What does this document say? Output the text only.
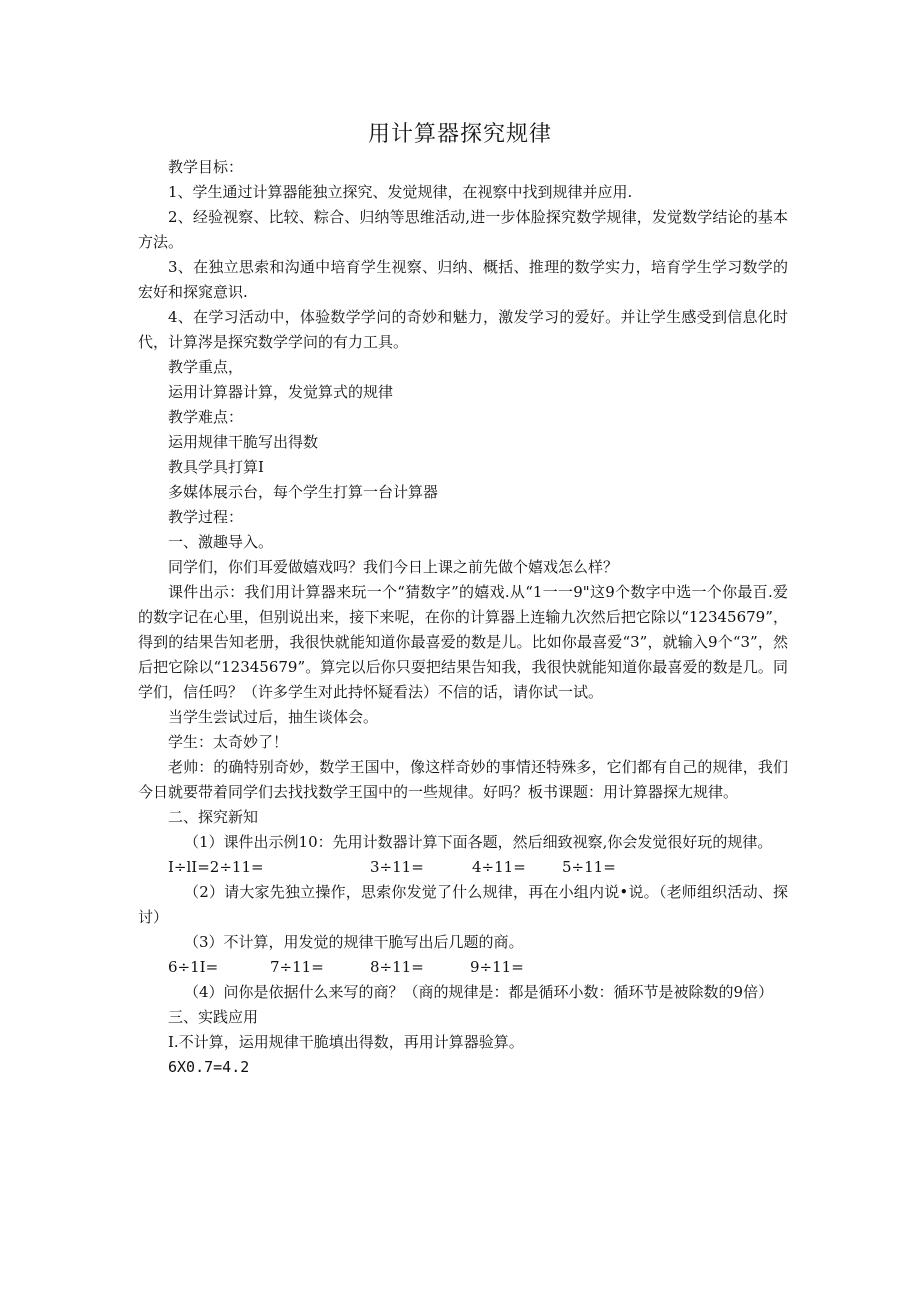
用计算器探究规律

教学目标：

1、学生通过计算器能独立探究、发觉规律，在视察中找到规律并应用.

2、经验视察、比较、粽合、归纳等思维活动,进一步体脸探究数学规律，发觉数学结论的基本方法。

3、在独立思索和沟通中培育学生视察、归纳、概括、推理的数学实力，培育学生学习数学的宏好和探窕意识.

4、在学习活动中，体验数学学问的奇妙和魅力，激发学习的爱好。并让学生感受到信息化时代，计算涔是探究数学学问的有力工具。

教学重点，

运用计算器计算，发觉算式的规律

教学难点：

运用规律干脆写出得数

教具学具打算I

多媒体展示台，每个学生打算一台计算器

教学过程：

一、激趣导入。

同学们，你们耳爱做嬉戏吗？我们今日上课之前先做个嬉戏怎么样？

课件出示：我们用计算器来玩一个“猜数字”的嬉戏.从“1一一9"这9个数字中选一个你最百.爱的数字记在心里，但别说出来，接下来呢，在你的计算器上连输九次然后把它除以“12345679”，得到的结果告知老册，我很快就能知道你最喜爱的数是儿。比如你最喜爱“3”，就输入9个“3”，然后把它除以“12345679”。算完以后你只耍把结果告知我，我很快就能知道你最喜爱的数是几。同学们，信任吗？（许多学生对此持怀疑看法）不信的话，请你试一试。

当学生尝试过后，抽生谈体会。

学生：太奇妙了！

老帅：的确特别奇妙，数学王国中，像这样奇妙的事情还特殊多，它们都有自己的规律，我们今日就要带着同学们去找找数学王国中的一些规律。好吗？板书课题：用计算器探尢规律。

二、探究新知

（1）课件出示例10：先用计数器计算下面各题，然后细致视察,你会发觉很好玩的规律。

I÷lI=2÷11=	3÷11=	4÷11= 5÷11=

（2）请大家先独立操作，思索你发觉了什么规律，再在小组内说•说。（老师组织活动、探讨）

（3）不计算，用发觉的规律干脆写出后几题的商。

6÷1I=	7÷11=	8÷11=	9÷11=

（4）问你是依据什么来写的商？（商的规律是：都是循环小数：循环节是被除数的9倍）

三、实践应用

I.不计算，运用规律干脆填出得数，再用计算器验算。

6X0.7=4.2
